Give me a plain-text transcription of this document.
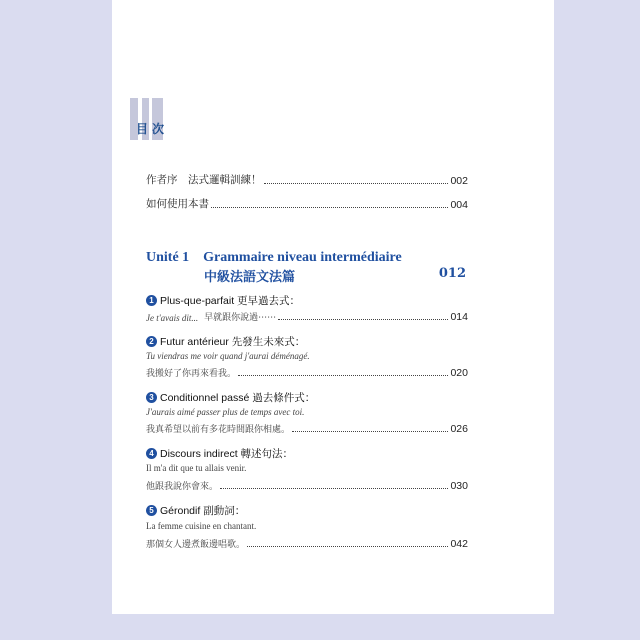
目次
作者序　法式邏輯訓練！	002
如何使用本書	004
Unité 1　Grammaire niveau intermédiaire
中級法語文法篇	012
1 Plus-que-parfait 更早過去式：
Je t'avais dit... 早就跟你說過⋯⋯	014
2 Futur antérieur 先發生未來式：
Tu viendras me voir quand j'aurai déménagé.
我搬好了你再來看我。	020
3 Conditionnel passé 過去條件式：
J'aurais aimé passer plus de temps avec toi.
我真希望以前有多花時間跟你相處。	026
4 Discours indirect 轉述句法：
Il m'a dit que tu allais venir.
他跟我說你會來。	030
5 Gérondif 副動詞：
La femme cuisine en chantant.
那個女人邊煮飯邊唱歌。	042
